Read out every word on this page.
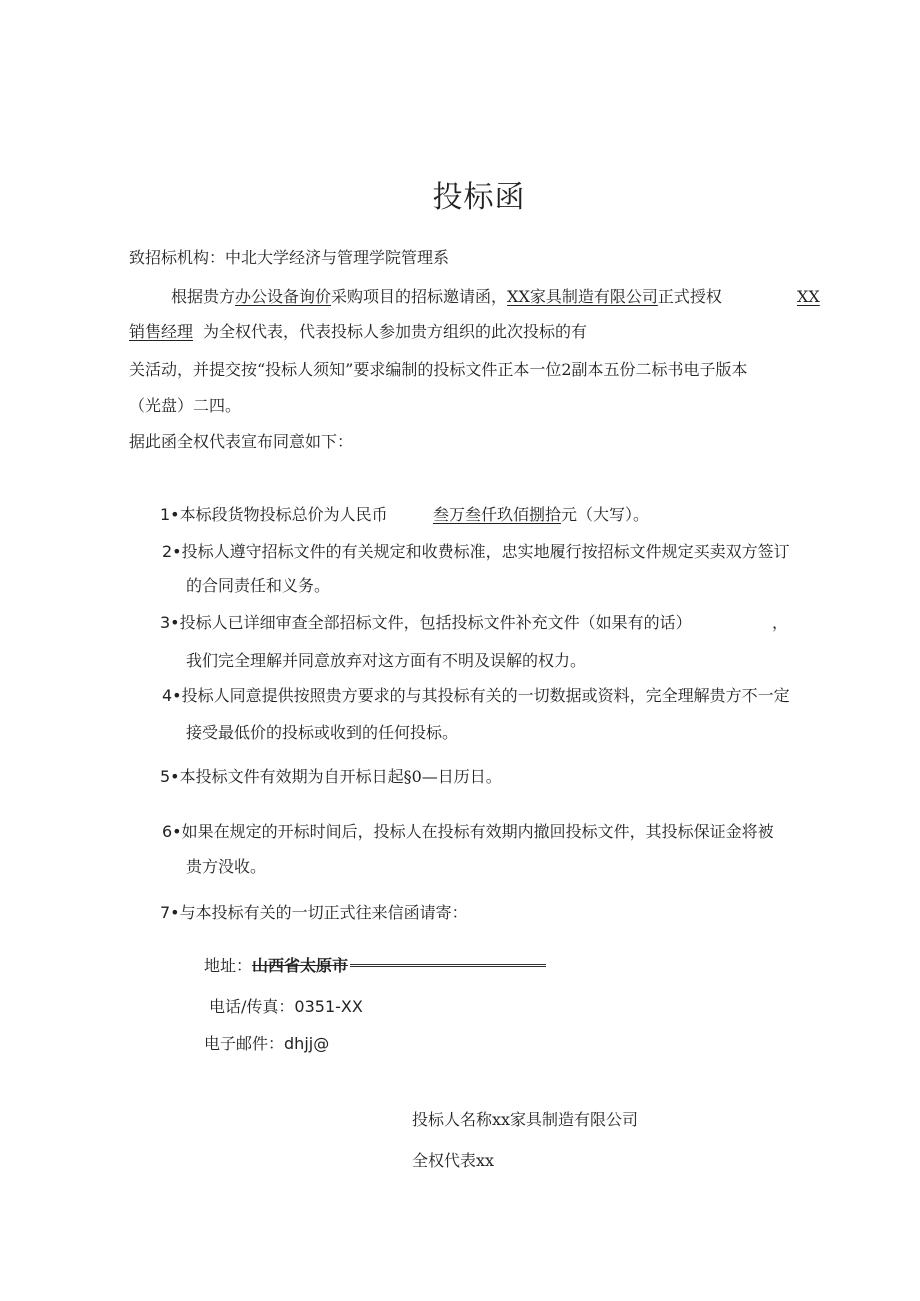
投标函
致招标机构：中北大学经济与管理学院管理系
根据贵方办公设备询价采购项目的招标邀请函，XX家具制造有限公司正式授权	XX
销售经理 为全权代表，代表投标人参加贵方组织的此次投标的有
关活动，并提交按“投标人须知”要求编制的投标文件正本一位2副本五份二标书电子版本
（光盘）二四。
据此函全权代表宣布同意如下：
1•本标段货物投标总价为人民币	叁万叁仟玖佰捌拾元（大写）。
2•投标人遵守招标文件的有关规定和收费标准，忠实地履行按招标文件规定买卖双方签订
的合同责任和义务。
3•投标人已详细审查全部招标文件，包括投标文件补充文件（如果有的话）	，
我们完全理解并同意放弃对这方面有不明及误解的权力。
4•投标人同意提供按照贵方要求的与其投标有关的一切数据或资料，完全理解贵方不一定
接受最低价的投标或收到的任何投标。
5•本投标文件有效期为自开标日起§0—日历日。
6•如果在规定的开标时间后，投标人在投标有效期内撤回投标文件，其投标保证金将被
贵方没收。
7•与本投标有关的一切正式往来信函请寄：
地址：山西省太原市
电话/传真：0351-XX
电子邮件：dhjj@
投标人名称xx家具制造有限公司
全权代表xx
